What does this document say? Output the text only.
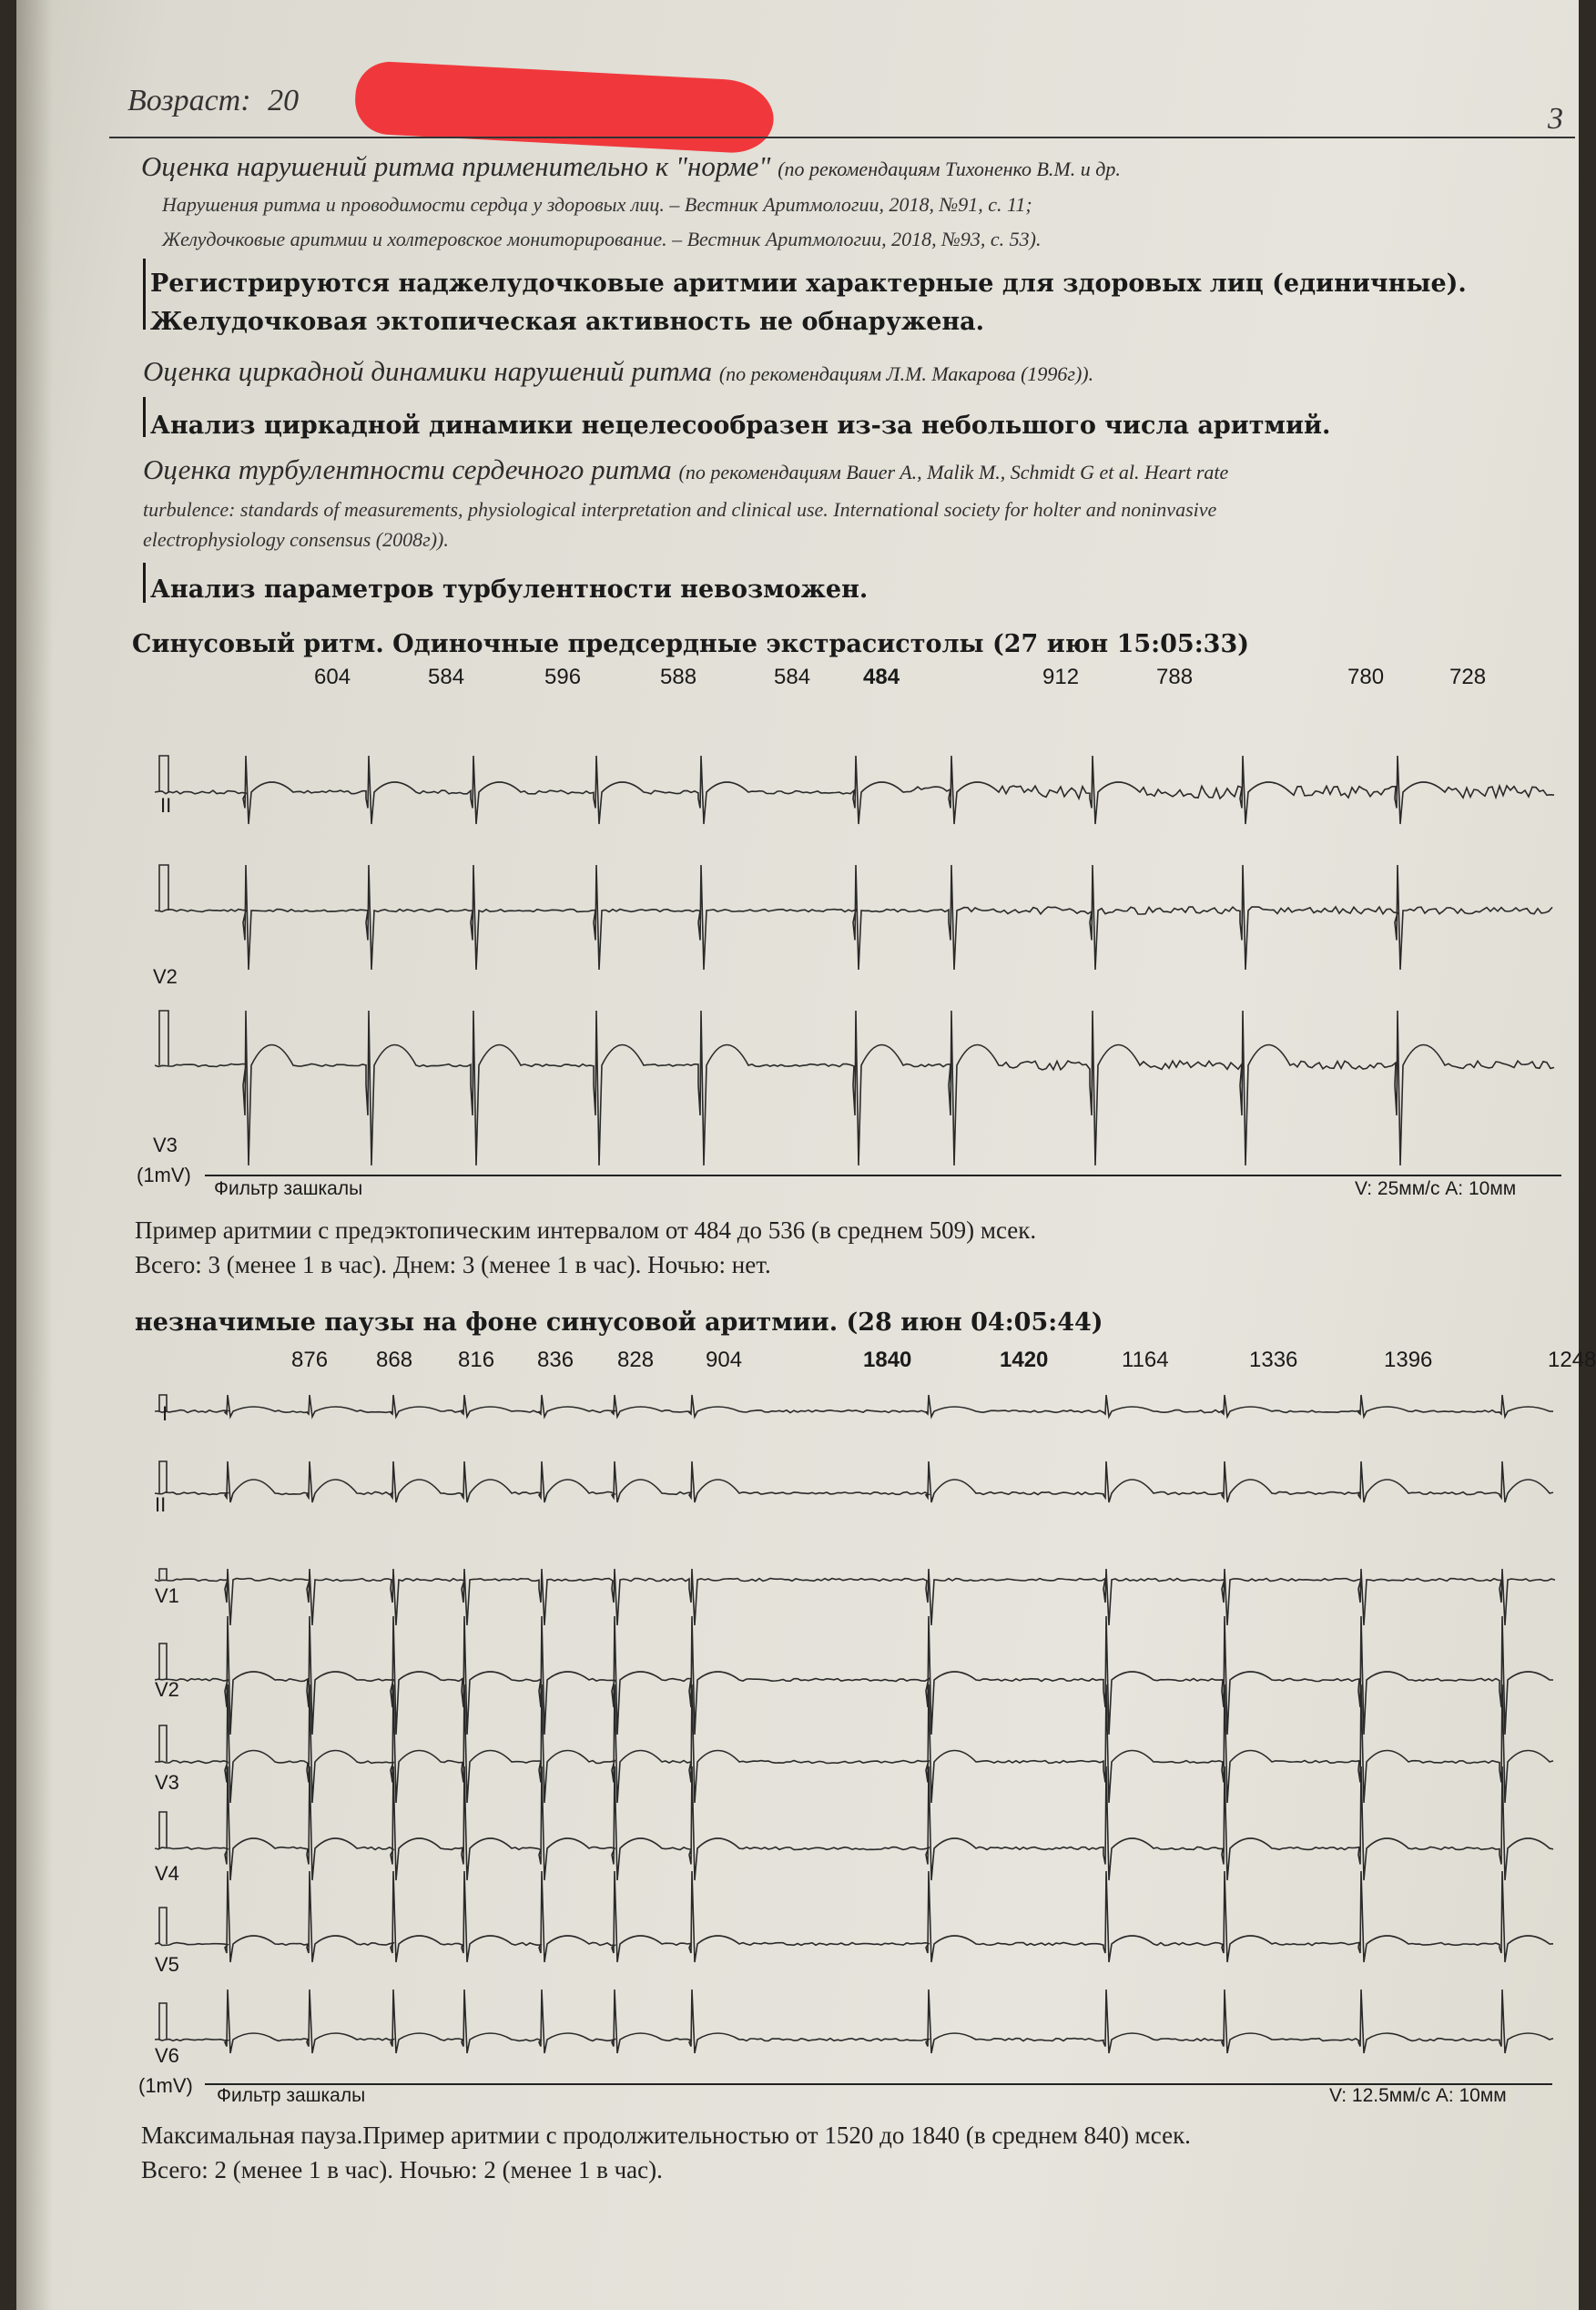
Возраст: 20
3
Оценка нарушений ритма применительно к "норме" (по рекомендациям Тихоненко В.М. и др.
Нарушения ритма и проводимости сердца у здоровых лиц. – Вестник Аритмологии, 2018, №91, с. 11;
Желудочковые аритмии и холтеровское мониторирование. – Вестник Аритмологии, 2018, №93, с. 53).
Регистрируются наджелудочковые аритмии характерные для здоровых лиц (единичные).
Желудочковая эктопическая активность не обнаружена.
Оценка циркадной динамики нарушений ритма (по рекомендациям Л.М. Макарова (1996г)).
Анализ циркадной динамики нецелесообразен из-за небольшого числа аритмий.
Оценка турбулентности сердечного ритма (по рекомендациям Bauer A., Malik M., Schmidt G et al. Heart rate
turbulence: standards of measurements, physiological interpretation and clinical use. International society for holter and noninvasive
electrophysiology consensus (2008г)).
Анализ параметров турбулентности невозможен.
Синусовый ритм. Одиночные предсердные экстрасистолы (27 июн 15:05:33)
604	584	596	588	584 484	912	788	780	728
II
V2
V3
(1mV)
Фильтр зашкалы	V: 25мм/с A: 10мм
Пример аритмии с предэктопическим интервалом от 484 до 536 (в среднем 509) мсек.
Всего: 3 (менее 1 в час). Днем: 3 (менее 1 в час). Ночью: нет.
незначимые паузы на фоне синусовой аритмии. (28 июн 04:05:44)
876 868 816 836 828 904	1840	1420	1164	1336	1396	1248
I
II
V1
V2
V3
V4
V5
V6
(1mV) Фильтр зашкалы	V: 12.5мм/с A: 10мм
Максимальная пауза.Пример аритмии с продолжительностью от 1520 до 1840 (в среднем 840) мсек.
Всего: 2 (менее 1 в час). Ночью: 2 (менее 1 в час).
